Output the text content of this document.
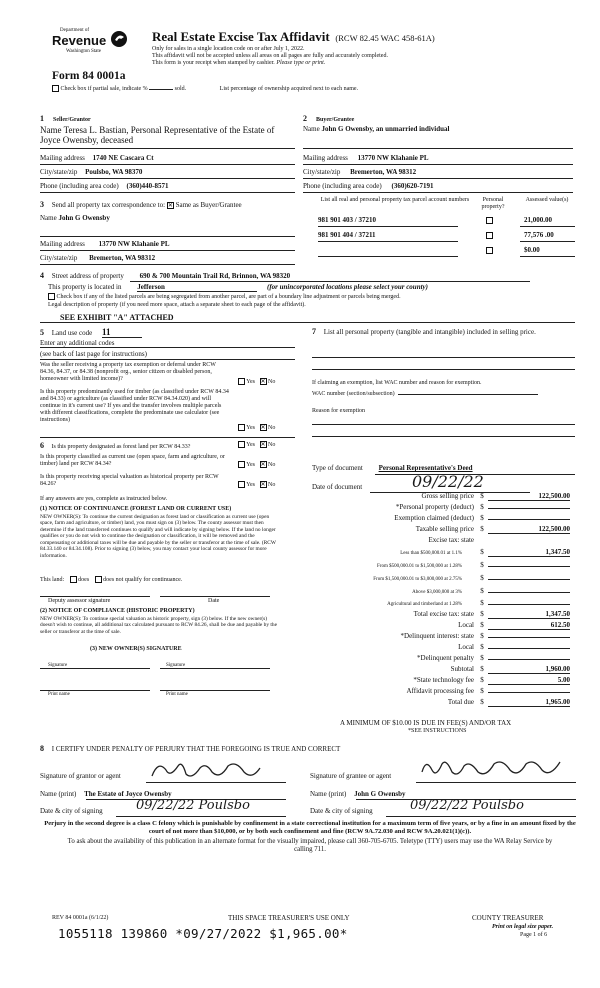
Department of
Revenue
Washington State
Real Estate Excise Tax Affidavit (RCW 82.45 WAC 458-61A)
Only for sales in a single location code on or after July 1, 2022.
This affidavit will not be accepted unless all areas on all pages are fully and accurately completed.
This form is your receipt when stamped by cashier. Please type or print.
Form 84 0001a
Check box if partial sale, indicate %	sold.	List percentage of ownership acquired next to each name.
1	Seller/Grantor
Name Teresa L. Bastian, Personal Representative of the Estate of Joyce Owensby, deceased
Mailing address 1740 NE Cascara Ct
City/state/zip Poulsbo, WA 98370
Phone (including area code) (360)440-8571
2	Buyer/Grantee
Name John G Owensby, an unmarried individual
Mailing address 13770 NW Klahanie PL
City/state/zip Bremerton, WA 98312
Phone (including area code) (360)620-7191
3 Send all property tax correspondence to: ✕ Same as Buyer/Grantee
Name John G Owensby
Mailing address 13770 NW Klahanie PL
City/state/zip Bremerton, WA 98312
List all real and personal property tax parcel account numbers	Personal property?
Assessed value(s)
981 901 403 / 37210	21,000.00
981 901 404 / 37211	77,576 .00
$0.00
4 Street address of property 690 & 700 Mountain Trail Rd, Brinnon, WA 98320
This property is located in Jefferson	(for unincorporated locations please select your county)
Check box if any of the listed parcels are being segregated from another parcel, are part of a boundary line adjustment or parcels being merged.
Legal description of property (if you need more space, attach a separate sheet to each page of the affidavit).
SEE EXHIBIT "A" ATTACHED
5 Land use code 11
Enter any additional codes
(see back of last page for instructions)
Was the seller receiving a property tax exemption or deferral under RCW 84.36, 84.37, or 84.38 (nonprofit org., senior citizen or disabled person, homeowner with limited income)?
Yes ✕ No
Is this property predominantly used for timber (as classified under RCW 84.34 and 84.33) or agriculture (as classified under RCW 84.34.020) and will continue in it's current use? If yes and the transfer involves multiple parcels with different classifications, complete the predominate use calculator (see instructions)
Yes ✕ No
6 Is this property designated as forest land per RCW 84.33?	Yes ✕ No
Is this property classified as current use (open space, farm and agriculture, or timber) land per RCW 84.34?	Yes ✕ No
Is this property receiving special valuation as historical property per RCW 84.26?	Yes ✕ No
If any answers are yes, complete as instructed below.
(1) NOTICE OF CONTINUANCE (FOREST LAND OR CURRENT USE)
NEW OWNER(S): To continue the current designation as forest land or classification as current use (open space, farm and agriculture, or timber) land, you must sign on (3) below. The county assessor must then determine if the land transferred continues to qualify and will indicate by signing below. If the land no longer qualifies or you do not wish to continue the designation or classification, it will be removed and the compensating or additional taxes will be due and payable by the seller or transferor at the time of sale. (RCW 84.33.140 or 84.34.108). Prior to signing (3) below, you may contact your local county assessor for more information.
This land: does does not qualify for continuance.
Deputy assessor signature	Date
(2) NOTICE OF COMPLIANCE (HISTORIC PROPERTY)
NEW OWNER(S): To continue special valuation as historic property, sign (3) below. If the new owner(s) doesn't wish to continue, all additional tax calculated pursuant to RCW 84.26, shall be due and payable by the seller or transferor at the time of sale.
(3) NEW OWNER(S) SIGNATURE
Signature	Signature
Print name	Print name
7 List all personal property (tangible and intangible) included in selling price.
If claiming an exemption, list WAC number and reason for exemption.
WAC number (section/subsection)
Reason for exemption
Type of document Personal Representative's Deed
Date of document	09/22/22
Gross selling price $	122,500.00
*Personal property (deduct) $
Exemption claimed (deduct) $
Taxable selling price $	122,500.00
Excise tax: state
Less than $500,000.01 at 1.1%	$	1,347.50
From $500,000.01 to $1,500,000 at 1.28%	$
From $1,500,000.01 to $3,000,000 at 2.75%	$
Above $3,000,000 at 3%	$
Agricultural and timberland at 1.28%	$
Total excise tax: state $	1,347.50
Local $	612.50
*Delinquent interest: state $
Local $
*Delinquent penalty $
Subtotal $	1,960.00
*State technology fee $	5.00
Affidavit processing fee $
Total due $	1,965.00
A MINIMUM OF $10.00 IS DUE IN FEE(S) AND/OR TAX
*SEE INSTRUCTIONS
8 I CERTIFY UNDER PENALTY OF PERJURY THAT THE FOREGOING IS TRUE AND CORRECT
Signature of grantor or agent	Signature of grantee or agent
Name (print) The Estate of Joyce Owensby	Name (print) John G Owensby
Date & city of signing	09/22/22 Poulsbo	Date & city of signing	09/22/22 Poulsbo
Perjury in the second degree is a class C felony which is punishable by confinement in a state correctional institution for a maximum term of five years, or by a fine in an amount fixed by the court of not more than $10,000, or by both such confinement and fine (RCW 9A.72.030 and RCW 9A.20.021(1)(c)).
To ask about the availability of this publication in an alternate format for the visually impaired, please call 360-705-6705. Teletype (TTY) users may use the WA Relay Service by calling 711.
REV 84 0001a (6/1/22)	THIS SPACE TREASURER'S USE ONLY	COUNTY TREASURER
Print on legal size paper.
Page 1 of 6
1055118 139860 *09/27/2022 $1,965.00*
